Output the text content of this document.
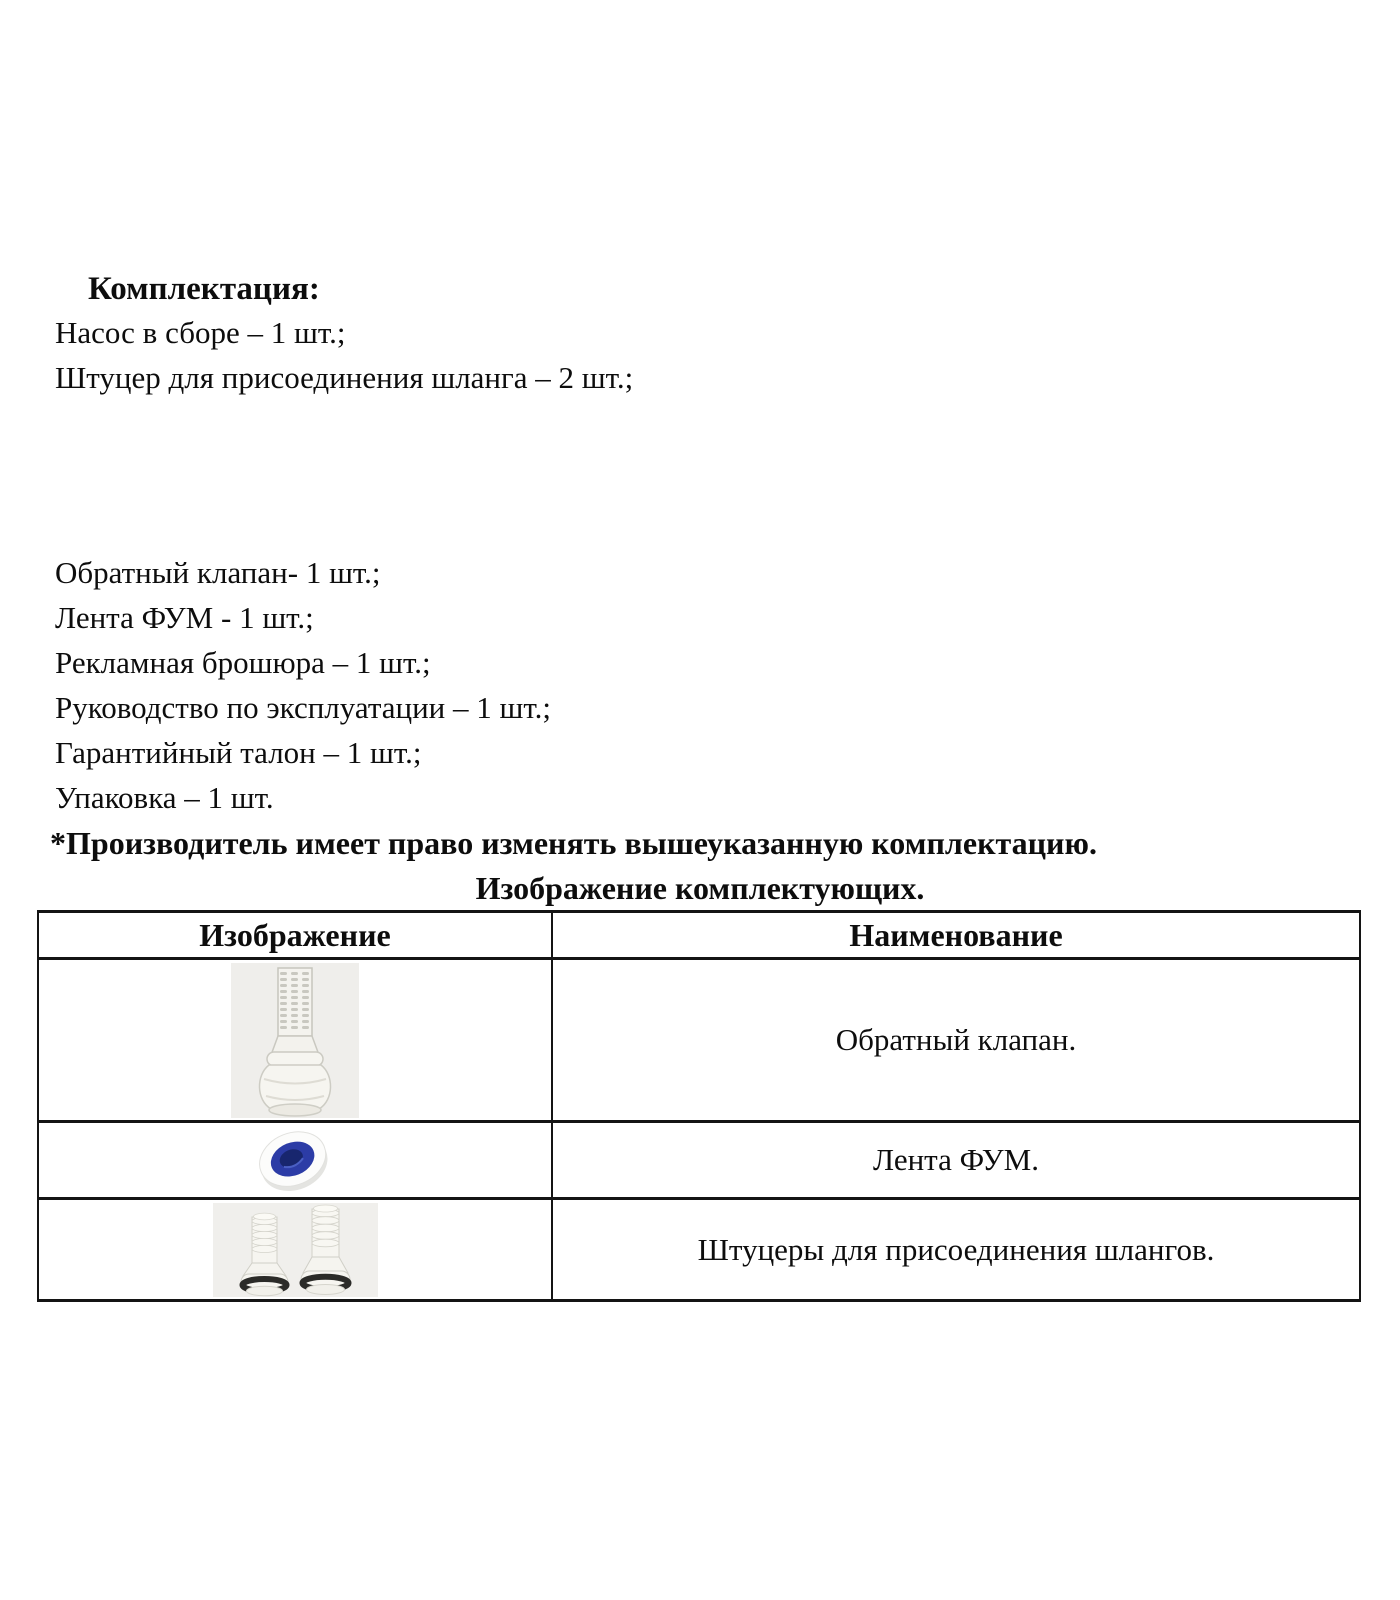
Комплектация:

Насос в сборе – 1 шт.;

Штуцер для присоединения шланга – 2 шт.;

Обратный клапан- 1 шт.;

Лента ФУМ - 1 шт.;

Рекламная брошюра – 1 шт.;

Руководство по эксплуатации – 1 шт.;

Гарантийный талон – 1 шт.;

Упаковка – 1 шт.

*Производитель имеет право изменять вышеуказанную комплектацию.

Изображение комплектующих.

Изображение	Наименование

	Обратный клапан.

	Лента ФУМ.

	Штуцеры для присоединения шлангов.
